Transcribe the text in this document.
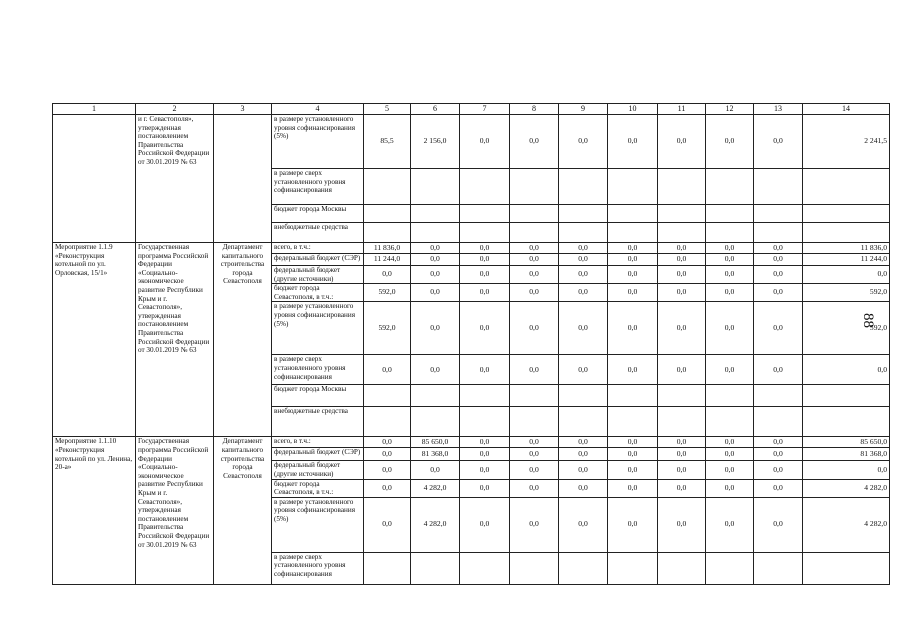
88
1	2	3	4	5	6	7	8	9	10	11	12	13	14
	и г. Севастополя», утвержденная постановлением Правительства Российской Федерации от 30.01.2019 № 63		в размере установленного уровня софинансирования (5%)	85,5	2 156,0	0,0	0,0	0,0	0,0	0,0	0,0	0,0	2 241,5
			в размере сверх установленного уровня софинансирования										
			бюджет города Москвы										
			внебюджетные средства										
Мероприятие 1.1.9 «Реконструкция котельной по ул. Орловская, 15/1»	Государственная программа Российской Федерации «Социально-экономическое развитие Республики Крым и г. Севастополя», утвержденная постановлением Правительства Российской Федерации от 30.01.2019 № 63	Департамент капитального строительства города Севастополя	всего, в т.ч.:	11 836,0	0,0	0,0	0,0	0,0	0,0	0,0	0,0	0,0	11 836,0
			федеральный бюджет (СЭР)	11 244,0	0,0	0,0	0,0	0,0	0,0	0,0	0,0	0,0	11 244,0
			федеральный бюджет (другие источники)	0,0	0,0	0,0	0,0	0,0	0,0	0,0	0,0	0,0	0,0
			бюджет города Севастополя, в т.ч.:	592,0	0,0	0,0	0,0	0,0	0,0	0,0	0,0	0,0	592,0
			в размере установленного уровня софинансирования (5%)	592,0	0,0	0,0	0,0	0,0	0,0	0,0	0,0	0,0	592,0
			в размере сверх установленного уровня софинансирования	0,0	0,0	0,0	0,0	0,0	0,0	0,0	0,0	0,0	0,0
			бюджет города Москвы										
			внебюджетные средства										
Мероприятие 1.1.10 «Реконструкция котельной по ул. Ленина, 20-а»	Государственная программа Российской Федерации «Социально-экономическое развитие Республики Крым и г. Севастополя», утвержденная постановлением Правительства Российской Федерации от 30.01.2019 № 63	Департамент капитального строительства города Севастополя	всего, в т.ч.:	0,0	85 650,0	0,0	0,0	0,0	0,0	0,0	0,0	0,0	85 650,0
			федеральный бюджет (СЭР)	0,0	81 368,0	0,0	0,0	0,0	0,0	0,0	0,0	0,0	81 368,0
			федеральный бюджет (другие источники)	0,0	0,0	0,0	0,0	0,0	0,0	0,0	0,0	0,0	0,0
			бюджет города Севастополя, в т.ч.:	0,0	4 282,0	0,0	0,0	0,0	0,0	0,0	0,0	0,0	4 282,0
			в размере установленного уровня софинансирования (5%)	0,0	4 282,0	0,0	0,0	0,0	0,0	0,0	0,0	0,0	4 282,0
			в размере сверх установленного уровня софинансирования										
